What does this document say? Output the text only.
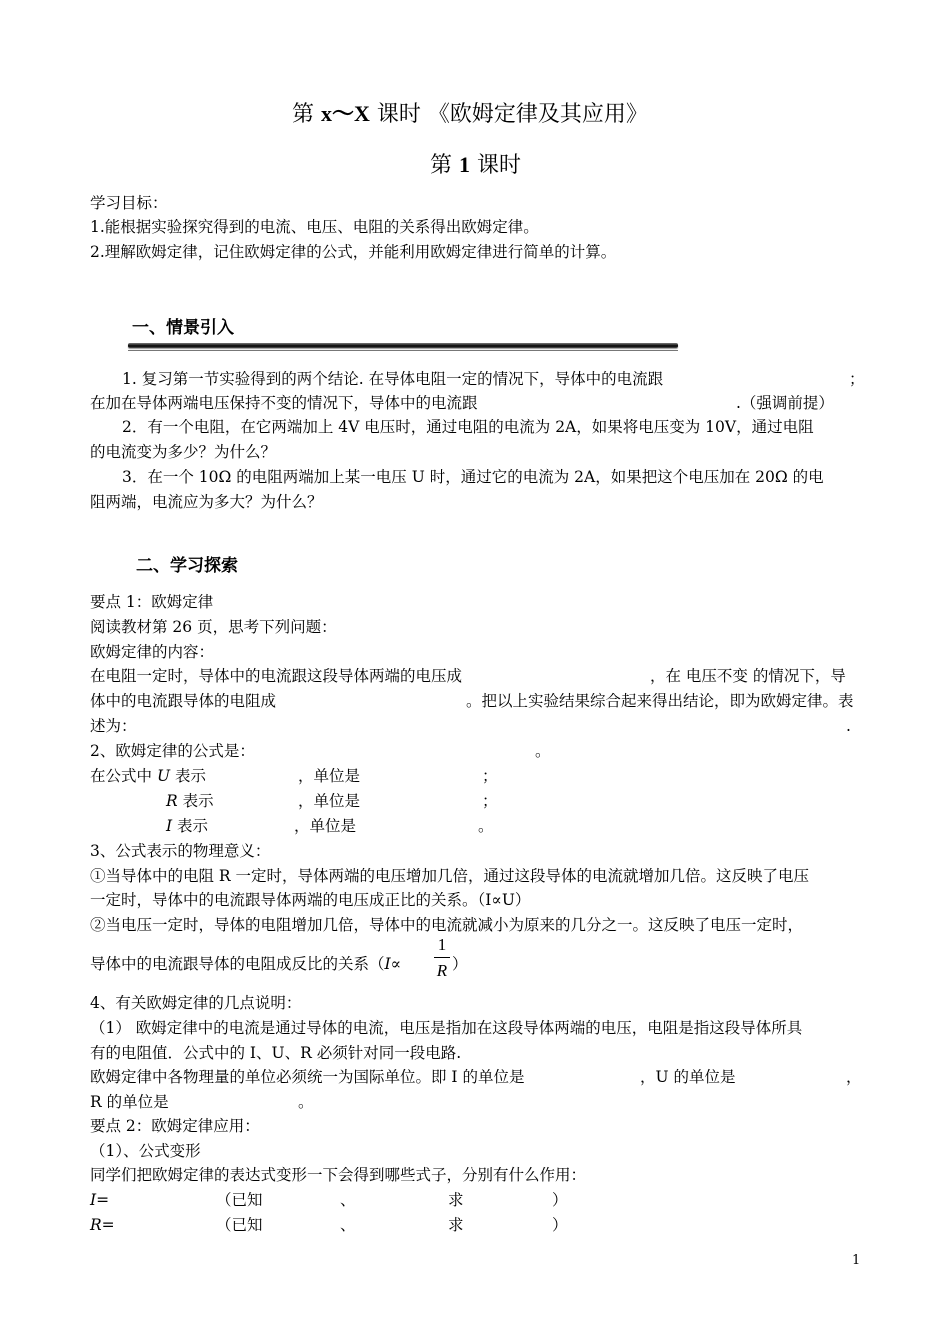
第 x～X 课时 《欧姆定律及其应用》
第 1 课时
学习目标：
1.能根据实验探究得到的电流、电压、电阻的关系得出欧姆定律。
2.理解欧姆定律，记住欧姆定律的公式，并能利用欧姆定律进行简单的计算。
一、情景引入
1. 复习第一节实验得到的两个结论. 在导体电阻一定的情况下，导体中的电流跟	；
在加在导体两端电压保持不变的情况下，导体中的电流跟	.（强调前提）
2．有一个电阻，在它两端加上 4V 电压时，通过电阻的电流为 2A，如果将电压变为 10V，通过电阻
的电流变为多少？为什么？
3．在一个 10Ω 的电阻两端加上某一电压 U 时，通过它的电流为 2A，如果把这个电压加在 20Ω 的电
阻两端，电流应为多大？为什么？
二、学习探索
要点 1：欧姆定律
阅读教材第 26 页，思考下列问题：
欧姆定律的内容：
在电阻一定时，导体中的电流跟这段导体两端的电压成	，在 电压不变 的情况下，导
体中的电流跟导体的电阻成	。把以上实验结果综合起来得出结论，即为欧姆定律。表
述为：	.
2、欧姆定律的公式是：	。
在公式中 U 表示	，单位是	；
R 表示	，单位是	；
I 表示	，单位是	。
3、公式表示的物理意义：
①当导体中的电阻 R 一定时，导体两端的电压增加几倍，通过这段导体的电流就增加几倍。这反映了电压
一定时，导体中的电流跟导体两端的电压成正比的关系。（I∝U）
②当电压一定时，导体的电阻增加几倍，导体中的电流就减小为原来的几分之一。这反映了电压一定时，
导体中的电流跟导体的电阻成反比的关系（I∝
1
R ）
4、有关欧姆定律的几点说明：
（1） 欧姆定律中的电流是通过导体的电流，电压是指加在这段导体两端的电压，电阻是指这段导体所具
有的电阻值．公式中的 I、U、R 必须针对同一段电路.
欧姆定律中各物理量的单位必须统一为国际单位。即 I 的单位是	，U 的单位是	，
R 的单位是	。
要点 2：欧姆定律应用：
（1）、公式变形
同学们把欧姆定律的表达式变形一下会得到哪些式子，分别有什么作用：
I=	（已知	、	求	）
R=	（已知	、	求	）
1
